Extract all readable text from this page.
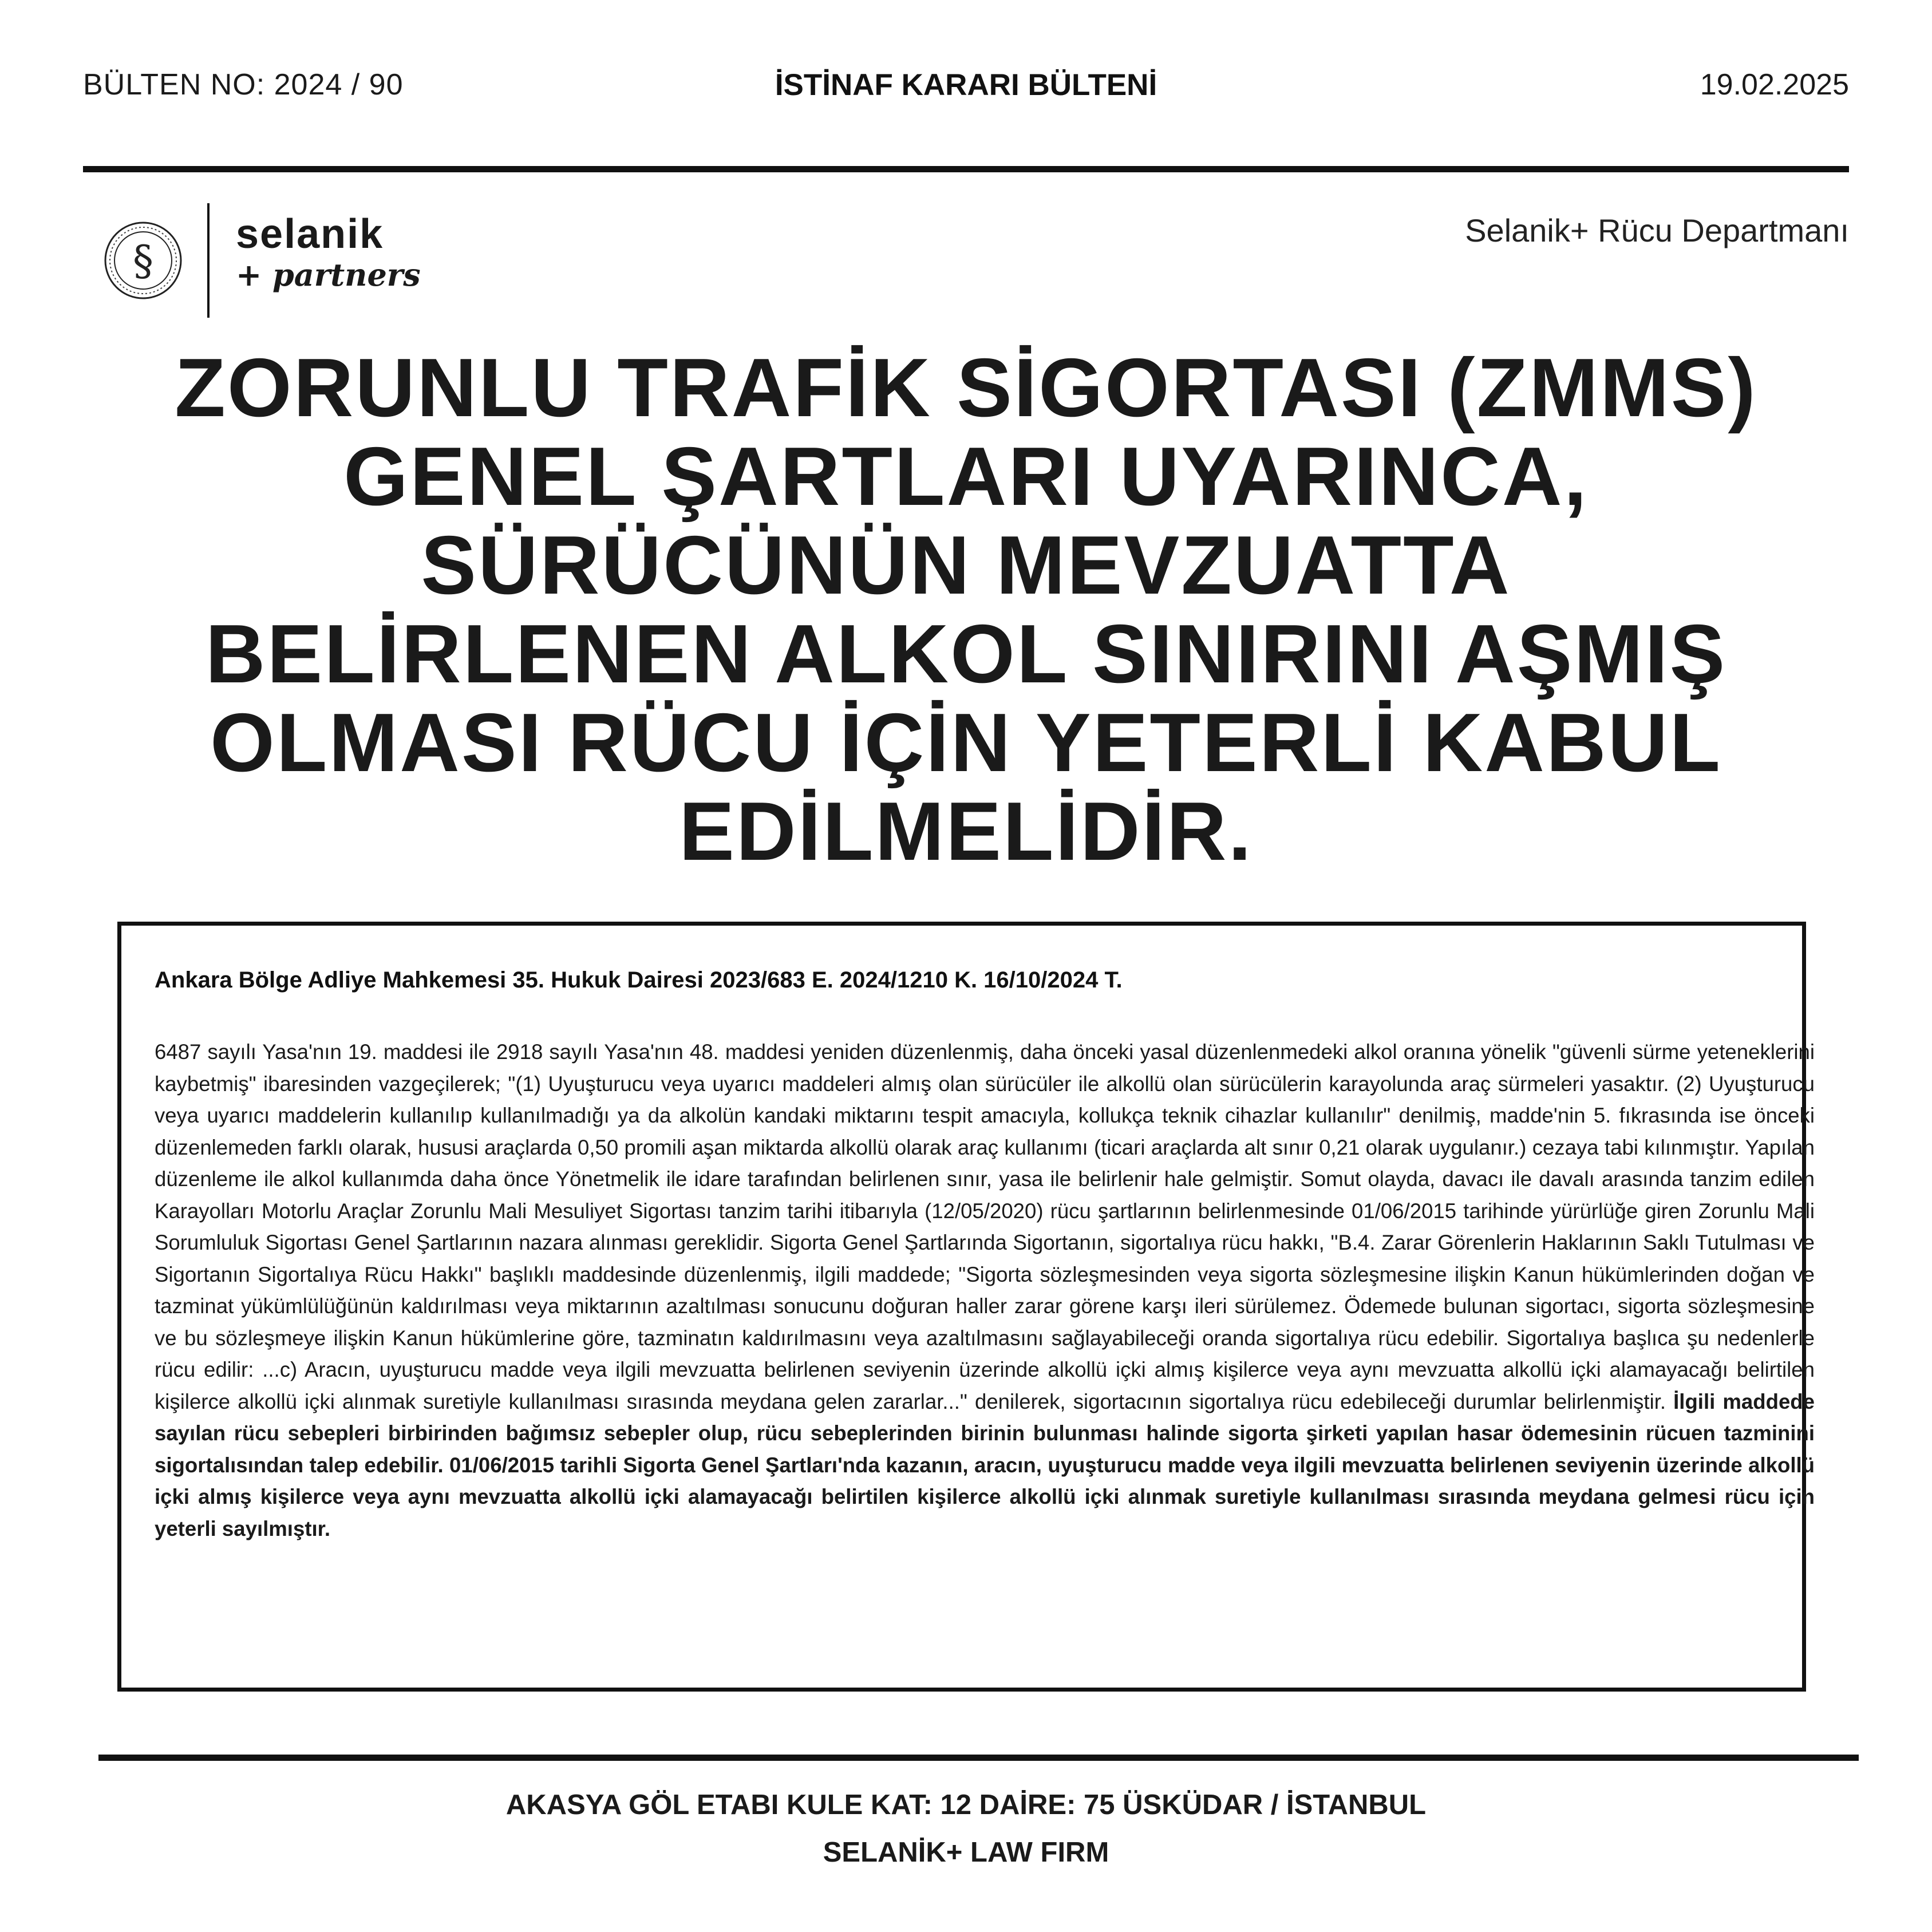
BÜLTEN NO: 2024 / 90	İSTİNAF KARARI BÜLTENİ	19.02.2025
§
selanik
+ partners
Selanik+ Rücu Departmanı
ZORUNLU TRAFİK SİGORTASI (ZMMS) GENEL ŞARTLARI UYARINCA, SÜRÜCÜNÜN MEVZUATTA BELİRLENEN ALKOL SINIRINI AŞMIŞ OLMASI RÜCU İÇİN YETERLİ KABUL EDİLMELİDİR.
Ankara Bölge Adliye Mahkemesi 35. Hukuk Dairesi 2023/683 E. 2024/1210 K. 16/10/2024 T.
6487 sayılı Yasa'nın 19. maddesi ile 2918 sayılı Yasa'nın 48. maddesi yeniden düzenlenmiş, daha önceki yasal düzenlenmedeki alkol oranına yönelik "güvenli sürme yeteneklerini kaybetmiş" ibaresinden vazgeçilerek; "(1) Uyuşturucu veya uyarıcı maddeleri almış olan sürücüler ile alkollü olan sürücülerin karayolunda araç sürmeleri yasaktır. (2) Uyuşturucu veya uyarıcı maddelerin kullanılıp kullanılmadığı ya da alkolün kandaki miktarını tespit amacıyla, kollukça teknik cihazlar kullanılır" denilmiş, madde'nin 5. fıkrasında ise önceki düzenlemeden farklı olarak, hususi araçlarda 0,50 promili aşan miktarda alkollü olarak araç kullanımı (ticari araçlarda alt sınır 0,21 olarak uygulanır.) cezaya tabi kılınmıştır. Yapılan düzenleme ile alkol kullanımda daha önce Yönetmelik ile idare tarafından belirlenen sınır, yasa ile belirlenir hale gelmiştir. Somut olayda, davacı ile davalı arasında tanzim edilen Karayolları Motorlu Araçlar Zorunlu Mali Mesuliyet Sigortası tanzim tarihi itibarıyla (12/05/2020) rücu şartlarının belirlenmesinde 01/06/2015 tarihinde yürürlüğe giren Zorunlu Mali Sorumluluk Sigortası Genel Şartlarının nazara alınması gereklidir. Sigorta Genel Şartlarında Sigortanın, sigortalıya rücu hakkı, "B.4. Zarar Görenlerin Haklarının Saklı Tutulması ve Sigortanın Sigortalıya Rücu Hakkı" başlıklı maddesinde düzenlenmiş, ilgili maddede; "Sigorta sözleşmesinden veya sigorta sözleşmesine ilişkin Kanun hükümlerinden doğan ve tazminat yükümlülüğünün kaldırılması veya miktarının azaltılması sonucunu doğuran haller zarar görene karşı ileri sürülemez. Ödemede bulunan sigortacı, sigorta sözleşmesine ve bu sözleşmeye ilişkin Kanun hükümlerine göre, tazminatın kaldırılmasını veya azaltılmasını sağlayabileceği oranda sigortalıya rücu edebilir. Sigortalıya başlıca şu nedenlerle rücu edilir: ...c) Aracın, uyuşturucu madde veya ilgili mevzuatta belirlenen seviyenin üzerinde alkollü içki almış kişilerce veya aynı mevzuatta alkollü içki alamayacağı belirtilen kişilerce alkollü içki alınmak suretiyle kullanılması sırasında meydana gelen zararlar..." denilerek, sigortacının sigortalıya rücu edebileceği durumlar belirlenmiştir. İlgili maddede sayılan rücu sebepleri birbirinden bağımsız sebepler olup, rücu sebeplerinden birinin bulunması halinde sigorta şirketi yapılan hasar ödemesinin rücuen tazminini sigortalısından talep edebilir. 01/06/2015 tarihli Sigorta Genel Şartları'nda kazanın, aracın, uyuşturucu madde veya ilgili mevzuatta belirlenen seviyenin üzerinde alkollü içki almış kişilerce veya aynı mevzuatta alkollü içki alamayacağı belirtilen kişilerce alkollü içki alınmak suretiyle kullanılması sırasında meydana gelmesi rücu için yeterli sayılmıştır.
AKASYA GÖL ETABI KULE KAT: 12 DAİRE: 75 ÜSKÜDAR / İSTANBUL
SELANİK+ LAW FIRM
